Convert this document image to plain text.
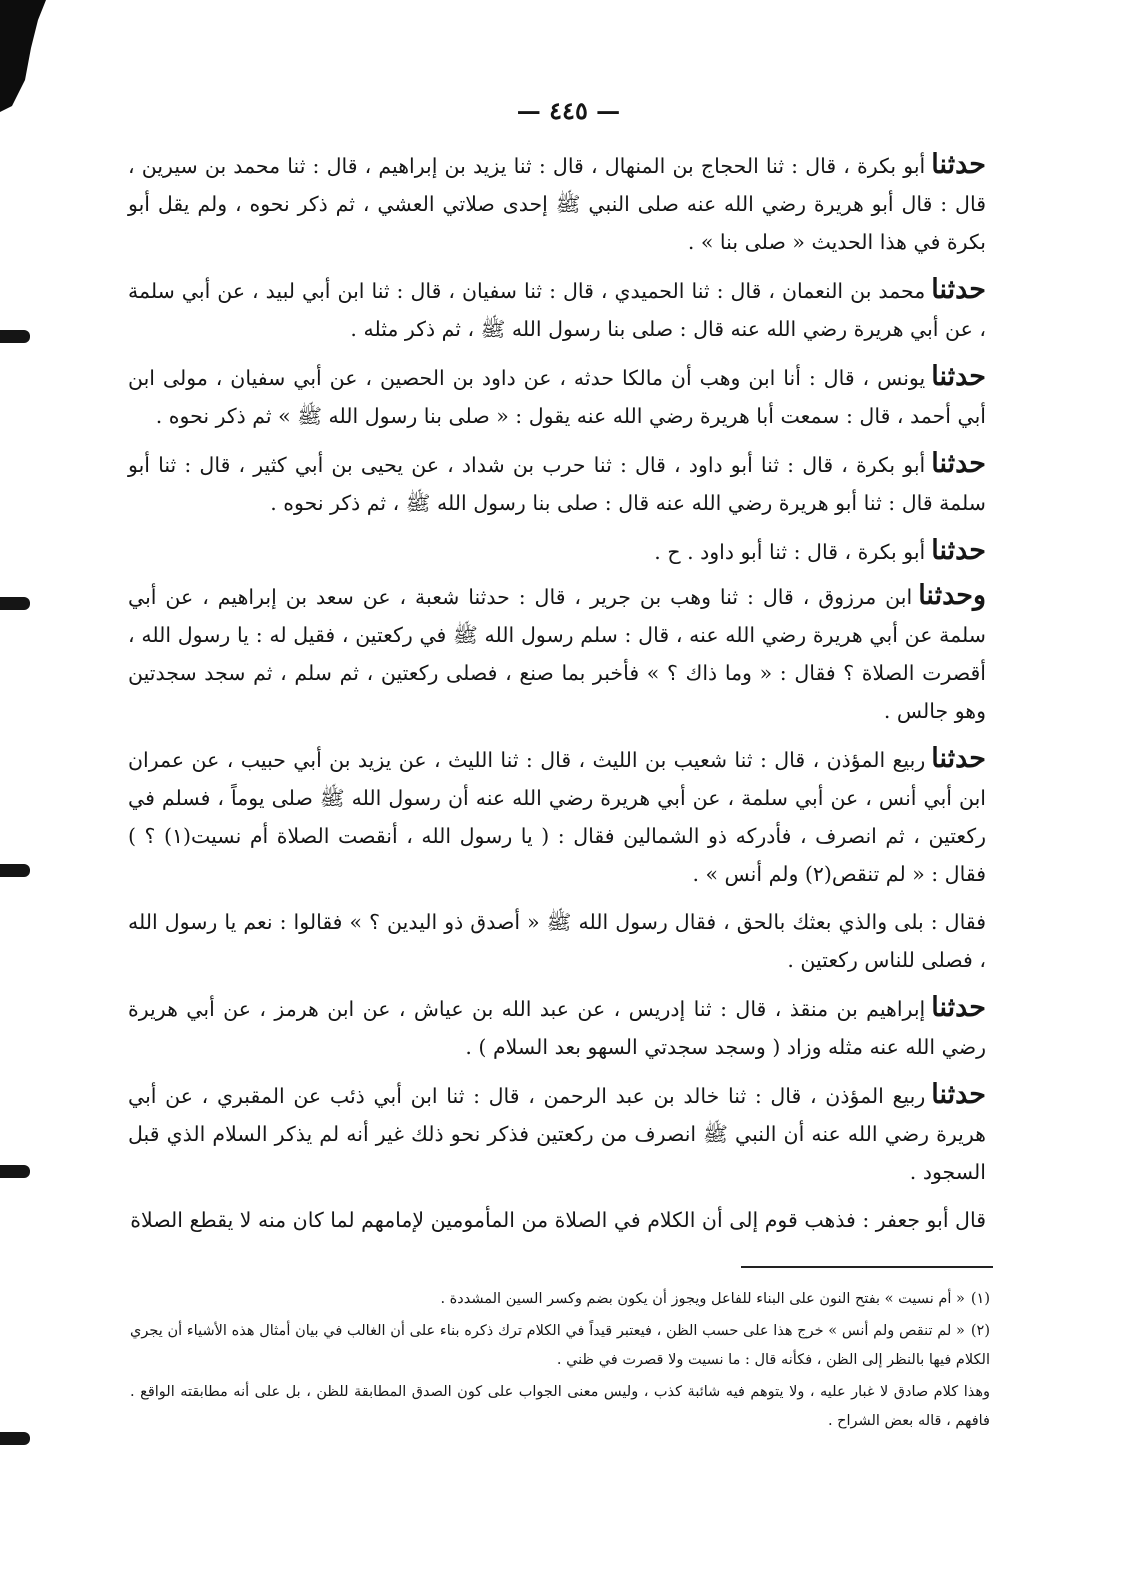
— ٤٤٥ —

حدثناأبو بكرة ، قال : ثنا الحجاج بن المنهال ، قال : ثنا يزيد بن إبراهيم ، قال : ثنا محمد بن سيرين ، قال : قال أبو هريرة رضي الله عنه صلى النبي ﷺ إحدى صلاتي العشي ، ثم ذكر نحوه ، ولم يقل أبو بكرة في هذا الحديث « صلى بنا » .

حدثنامحمد بن النعمان ، قال : ثنا الحميدي ، قال : ثنا سفيان ، قال : ثنا ابن أبي لبيد ، عن أبي سلمة ، عن أبي هريرة رضي الله عنه قال : صلى بنا رسول الله ﷺ ، ثم ذكر مثله .

حدثنايونس ، قال : أنا ابن وهب أن مالكا حدثه ، عن داود بن الحصين ، عن أبي سفيان ، مولى ابن أبي أحمد ، قال : سمعت أبا هريرة رضي الله عنه يقول : « صلى بنا رسول الله ﷺ » ثم ذكر نحوه .

حدثناأبو بكرة ، قال : ثنا أبو داود ، قال : ثنا حرب بن شداد ، عن يحيى بن أبي كثير ، قال : ثنا أبو سلمة قال : ثنا أبو هريرة رضي الله عنه قال : صلى بنا رسول الله ﷺ ، ثم ذكر نحوه .

حدثناأبو بكرة ، قال : ثنا أبو داود . ح .

وحدثناابن مرزوق ، قال : ثنا وهب بن جرير ، قال : حدثنا شعبة ، عن سعد بن إبراهيم ، عن أبي سلمة عن أبي هريرة رضي الله عنه ، قال : سلم رسول الله ﷺ في ركعتين ، فقيل له : يا رسول الله ، أقصرت الصلاة ؟ فقال : « وما ذاك ؟ » فأخبر بما صنع ، فصلى ركعتين ، ثم سلم ، ثم سجد سجدتين وهو جالس .

حدثناربيع المؤذن ، قال : ثنا شعيب بن الليث ، قال : ثنا الليث ، عن يزيد بن أبي حبيب ، عن عمران ابن أبي أنس ، عن أبي سلمة ، عن أبي هريرة رضي الله عنه أن رسول الله ﷺ صلى يوماً ، فسلم في ركعتين ، ثم انصرف ، فأدركه ذو الشمالين فقال : ( يا رسول الله ، أنقصت الصلاة أم نسيت(١) ؟ ) فقال : « لم تنقص(٢) ولم أنس » .

فقال : بلى والذي بعثك بالحق ، فقال رسول الله ﷺ « أصدق ذو اليدين ؟ » فقالوا : نعم يا رسول الله ، فصلى للناس ركعتين .

حدثناإبراهيم بن منقذ ، قال : ثنا إدريس ، عن عبد الله بن عياش ، عن ابن هرمز ، عن أبي هريرة رضي الله عنه مثله وزاد ( وسجد سجدتي السهو بعد السلام ) .

حدثناربيع المؤذن ، قال : ثنا خالد بن عبد الرحمن ، قال : ثنا ابن أبي ذئب عن المقبري ، عن أبي هريرة رضي الله عنه أن النبي ﷺ انصرف من ركعتين فذكر نحو ذلك غير أنه لم يذكر السلام الذي قبل السجود .

قال أبو جعفر : فذهب قوم إلى أن الكلام في الصلاة من المأمومين لإمامهم لما كان منه لا يقطع الصلاة

(١)« أم نسيت » بفتح النون على البناء للفاعل ويجوز أن يكون بضم وكسر السين المشددة .

(٢)« لم تنقص ولم أنس » خرج هذا على حسب الظن ، فيعتبر قيداً في الكلام ترك ذكره بناء على أن الغالب في بيان أمثال هذه الأشياء أن يجري الكلام فيها بالنظر إلى الظن ، فكأنه قال : ما نسيت ولا قصرت في ظني .

وهذا كلام صادق لا غبار عليه ، ولا يتوهم فيه شائبة كذب ، وليس معنى الجواب على كون الصدق المطابقة للظن ، بل على أنه مطابقته الواقع . فافهم ، قاله بعض الشراح .
